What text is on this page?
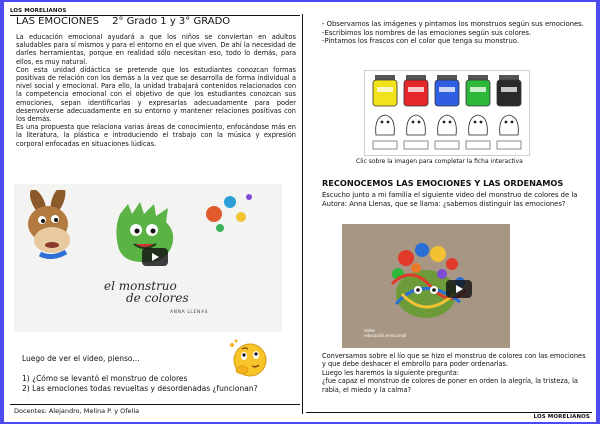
LOS MORELIANOS
LAS EMOCIONES 2° Grado 1 y 3° GRADO

La educación emocional ayudará a que los niños se conviertan en adultos saludables para sí mismos y para el entorno en el que viven. De ahí la necesidad de darles herramientas, porque en realidad sólo necesitan eso, todo lo demás, para ellos, es muy natural.

Con esta unidad didáctica se pretende que los estudiantes conozcan formas positivas de relación con los demás a la vez que se desarrolla de forma individual a nivel social y emocional. Para ello, la unidad trabajará contenidos relacionados con la competencia emocional con el objetivo de que los estudiantes conozcan sus emociones, sepan identificarlas y expresarlas adecuadamente para poder desenvolverse adecuadamente en su entorno y mantener relaciones positivas con los demás.

Es una propuesta que relaciona varias áreas de conocimiento, enfocándose más en la literatura, la plástica e introduciendo el trabajo con la música y expresión corporal enfocadas en situaciones lúdicas.

el monstruo
de colores
ANNA LLENAS
Luego de ver el video, pienso...
1) ¿Cómo se levantó el monstruo de colores
2) Las emociones todas revueltas y desordenadas ¿funcionan?
Docentes: Alejandro, Melina P. y Ofelia
- Observamos las imágenes y pintamos los monstruos según sus emociones.
-Escribimos los nombres de las emociones según sus colores.
-Pintamos los frascos con el color que tenga su monstruo.
Clic sobre la imagen para completar la ficha interactiva
RECONOCEMOS LAS EMOCIONES Y LAS ORDENAMOS
Escucho junto a mi familia el siguiente video del monstruo de colores de la Autora: Anna Llenas, que se llama: ¿sabemos distinguir las emociones?
redes
educación emocional
Conversamos sobre el lío que se hizo el monstruo de colores con las emociones y que debe deshacer el embrollo para poder ordenarlas.
Luego les haremos la siguiente pregunta:
¿fue capaz el monstruo de colores de poner en orden la alegría, la tristeza, la rabia, el miedo y la calma?
LOS MORELIANOS
